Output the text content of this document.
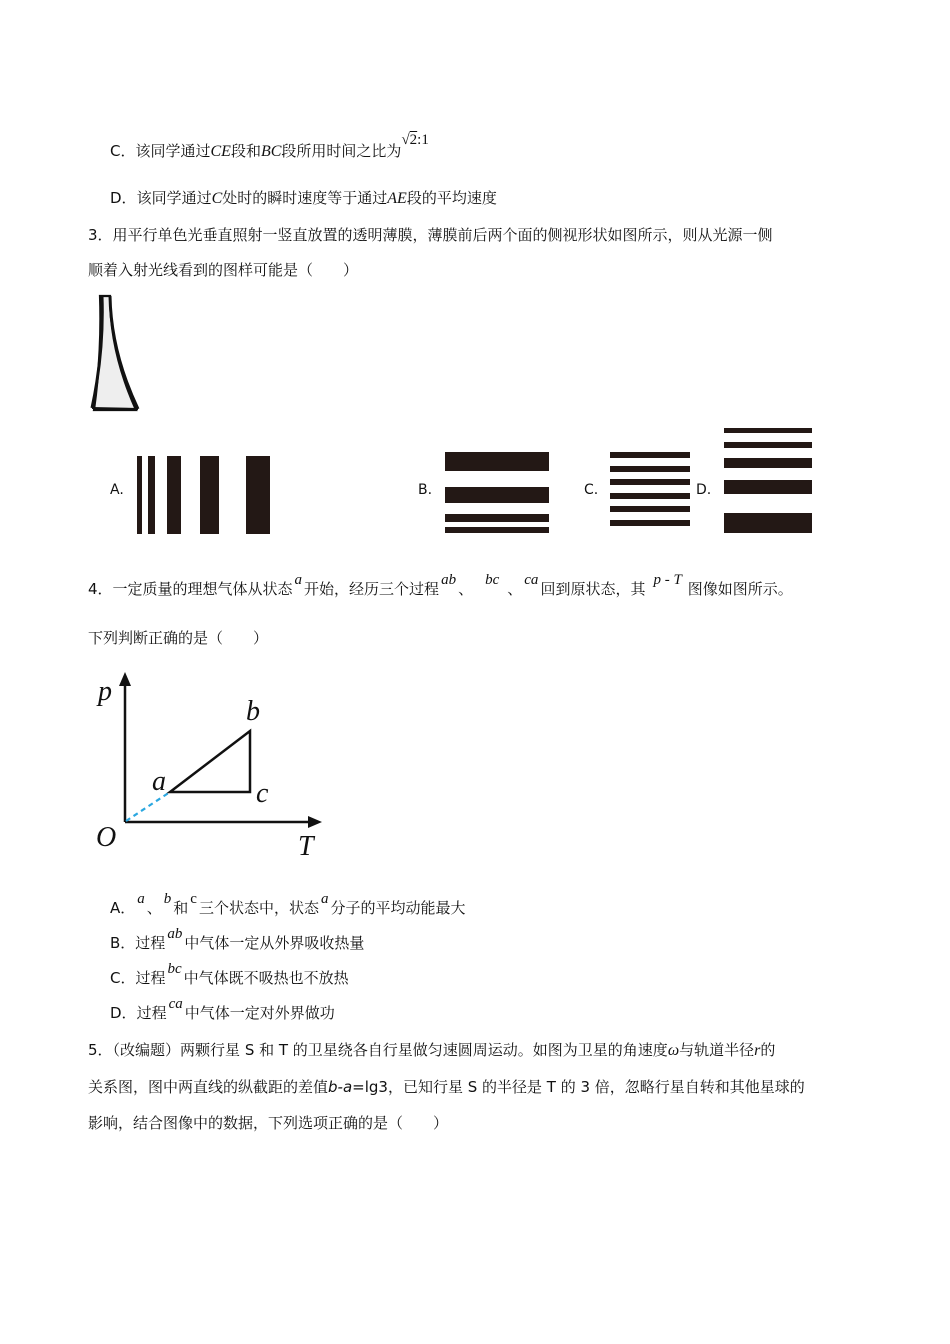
C．该同学通过CE段和BC段所用时间之比为√2:1
D．该同学通过C处时的瞬时速度等于通过AE段的平均速度
3．用平行单色光垂直照射一竖直放置的透明薄膜，薄膜前后两个面的侧视形状如图所示，则从光源一侧
顺着入射光线看到的图样可能是（　　）
A.	B.	C.	D.
4．一定质量的理想气体从状态 a 开始，经历三个过程 ab 、 bc 、 ca 回到原状态，其 p - T 图像如图所示。
下列判断正确的是（　　）
p
T
O
a
b
c
A． a 、 b 和 c 三个状态中，状态 a 分子的平均动能最大
B．过程 ab 中气体一定从外界吸收热量
C．过程 bc 中气体既不吸热也不放热
D．过程 ca 中气体一定对外界做功
5．（改编题）两颗行星 S 和 T 的卫星绕各自行星做匀速圆周运动。如图为卫星的角速度ω与轨道半径r的
关系图，图中两直线的纵截距的差值b-a=lg3，已知行星 S 的半径是 T 的 3 倍，忽略行星自转和其他星球的
影响，结合图像中的数据，下列选项正确的是（　　）
